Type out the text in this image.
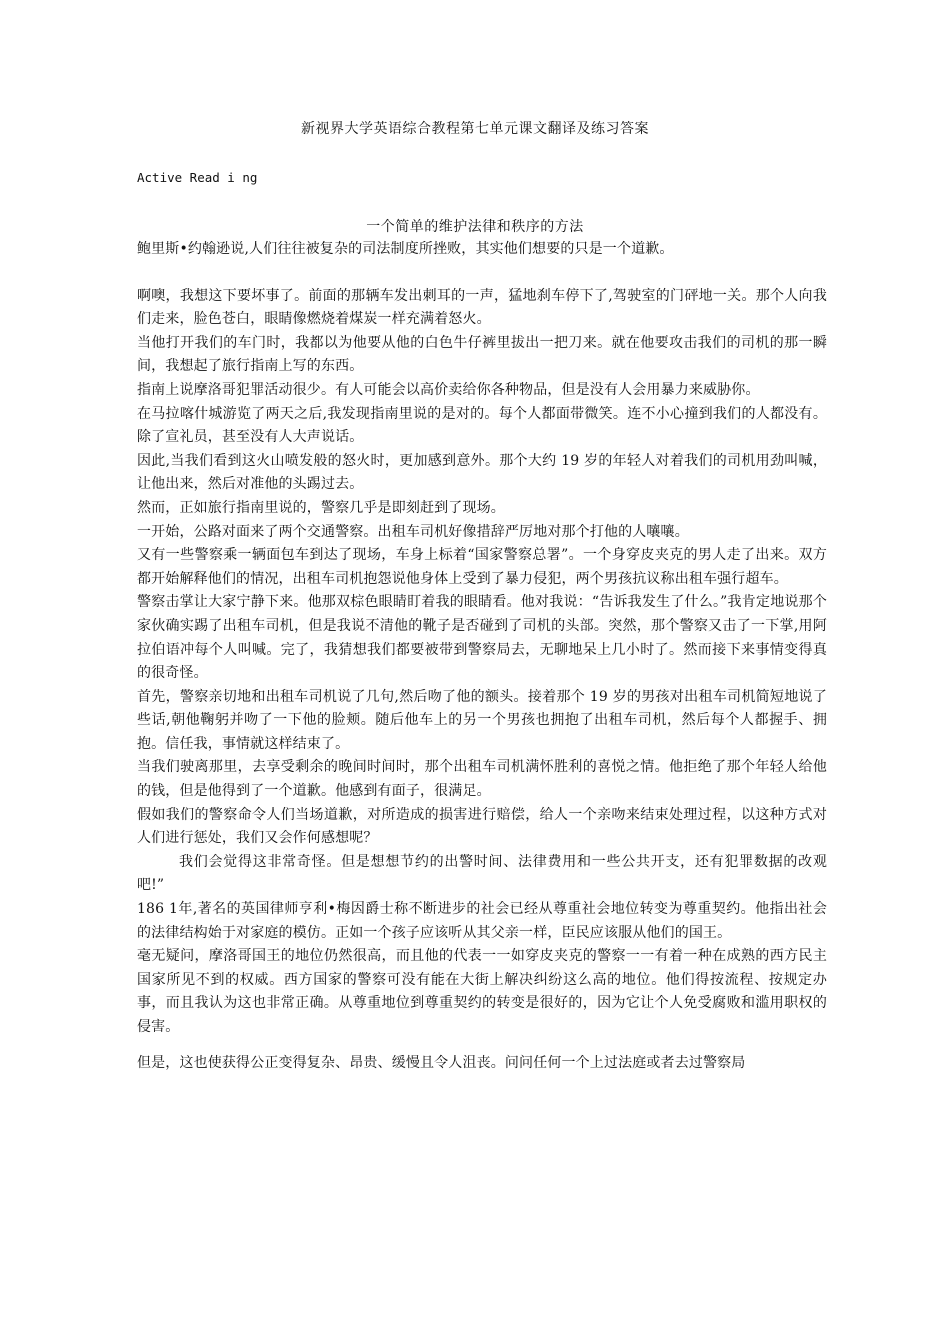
新视界大学英语综合教程第七单元课文翻译及练习答案
Active Read i ng
一个简单的维护法律和秩序的方法

鲍里斯•约翰逊说,人们往往被复杂的司法制度所挫败，其实他们想要的只是一个道歉。

啊噢，我想这下要坏事了。前面的那辆车发出刺耳的一声，猛地刹车停下了,驾驶室的门砰地一关。那个人向我们走来，脸色苍白，眼睛像燃烧着煤炭一样充满着怒火。

当他打开我们的车门时，我都以为他要从他的白色牛仔裤里拔出一把刀来。就在他要攻击我们的司机的那一瞬间，我想起了旅行指南上写的东西。

指南上说摩洛哥犯罪活动很少。有人可能会以高价卖给你各种物品，但是没有人会用暴力来威胁你。

在马拉喀什城游览了两天之后,我发现指南里说的是对的。每个人都面带微笑。连不小心撞到我们的人都没有。除了宣礼员，甚至没有人大声说话。

因此,当我们看到这火山喷发般的怒火时，更加感到意外。那个大约 19 岁的年轻人对着我们的司机用劲叫喊，让他出来，然后对准他的头踢过去。

然而，正如旅行指南里说的，警察几乎是即刻赶到了现场。

一开始，公路对面来了两个交通警察。出租车司机好像措辞严厉地对那个打他的人嚷嚷。

又有一些警察乘一辆面包车到达了现场，车身上标着“国家警察总署”。一个身穿皮夹克的男人走了出来。双方都开始解释他们的情况，出租车司机抱怨说他身体上受到了暴力侵犯，两个男孩抗议称出租车强行超车。

警察击掌让大家宁静下来。他那双棕色眼睛盯着我的眼睛看。他对我说：“告诉我发生了什么。”我肯定地说那个家伙确实踢了出租车司机，但是我说不清他的靴子是否碰到了司机的头部。突然，那个警察又击了一下掌,用阿拉伯语冲每个人叫喊。完了，我猜想我们都要被带到警察局去，无聊地呆上几小时了。然而接下来事情变得真的很奇怪。

首先，警察亲切地和出租车司机说了几句,然后吻了他的额头。接着那个 19 岁的男孩对出租车司机简短地说了些话,朝他鞠躬并吻了一下他的脸颊。随后他车上的另一个男孩也拥抱了出租车司机，然后每个人都握手、拥抱。信任我，事情就这样结束了。

当我们驶离那里，去享受剩余的晚间时间时，那个出租车司机满怀胜利的喜悦之情。他拒绝了那个年轻人给他的钱，但是他得到了一个道歉。他感到有面子，很满足。

假如我们的警察命令人们当场道歉，对所造成的损害进行赔偿，给人一个亲吻来结束处理过程，以这种方式对人们进行惩处，我们又会作何感想呢？

我们会觉得这非常奇怪。但是想想节约的出警时间、法律费用和一些公共开支，还有犯罪数据的改观吧!”

186 1年,著名的英国律师亨利•梅因爵士称不断进步的社会已经从尊重社会地位转变为尊重契约。他指出社会的法律结构始于对家庭的模仿。正如一个孩子应该听从其父亲一样，臣民应该服从他们的国王。

毫无疑问，摩洛哥国王的地位仍然很高，而且他的代表一一如穿皮夹克的警察一一有着一种在成熟的西方民主国家所见不到的权威。西方国家的警察可没有能在大街上解决纠纷这么高的地位。他们得按流程、按规定办事，而且我认为这也非常正确。从尊重地位到尊重契约的转变是很好的，因为它让个人免受腐败和滥用职权的侵害。

但是，这也使获得公正变得复杂、昂贵、缓慢且令人沮丧。问问任何一个上过法庭或者去过警察局
